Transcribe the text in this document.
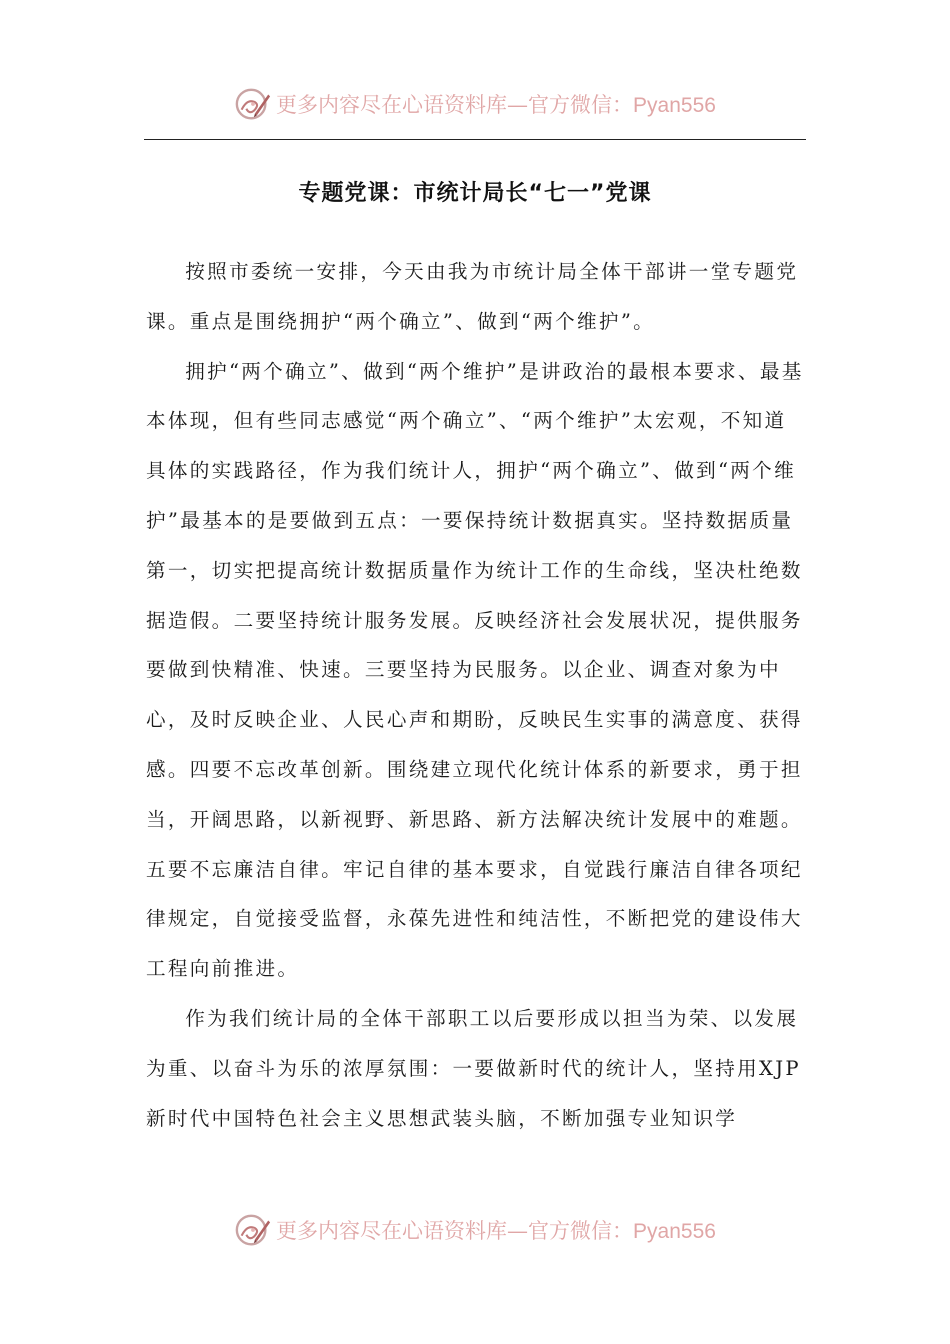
更多内容尽在心语资料库—官方微信：Pyan556
专题党课：市统计局长“七一”党课

按照市委统一安排，今天由我为市统计局全体干部讲一堂专题党课。重点是围绕拥护“两个确立”、做到“两个维护”。

拥护“两个确立”、做到“两个维护”是讲政治的最根本要求、最基本体现，但有些同志感觉“两个确立”、“两个维护”太宏观，不知道具体的实践路径，作为我们统计人，拥护“两个确立”、做到“两个维护”最基本的是要做到五点：一要保持统计数据真实。坚持数据质量第一，切实把提高统计数据质量作为统计工作的生命线，坚决杜绝数据造假。二要坚持统计服务发展。反映经济社会发展状况，提供服务要做到快精准、快速。三要坚持为民服务。以企业、调查对象为中心，及时反映企业、人民心声和期盼，反映民生实事的满意度、获得感。四要不忘改革创新。围绕建立现代化统计体系的新要求，勇于担当，开阔思路，以新视野、新思路、新方法解决统计发展中的难题。五要不忘廉洁自律。牢记自律的基本要求，自觉践行廉洁自律各项纪律规定，自觉接受监督，永葆先进性和纯洁性，不断把党的建设伟大工程向前推进。

作为我们统计局的全体干部职工以后要形成以担当为荣、以发展为重、以奋斗为乐的浓厚氛围：一要做新时代的统计人，坚持用XJP新时代中国特色社会主义思想武装头脑，不断加强专业知识学

更多内容尽在心语资料库—官方微信：Pyan556
